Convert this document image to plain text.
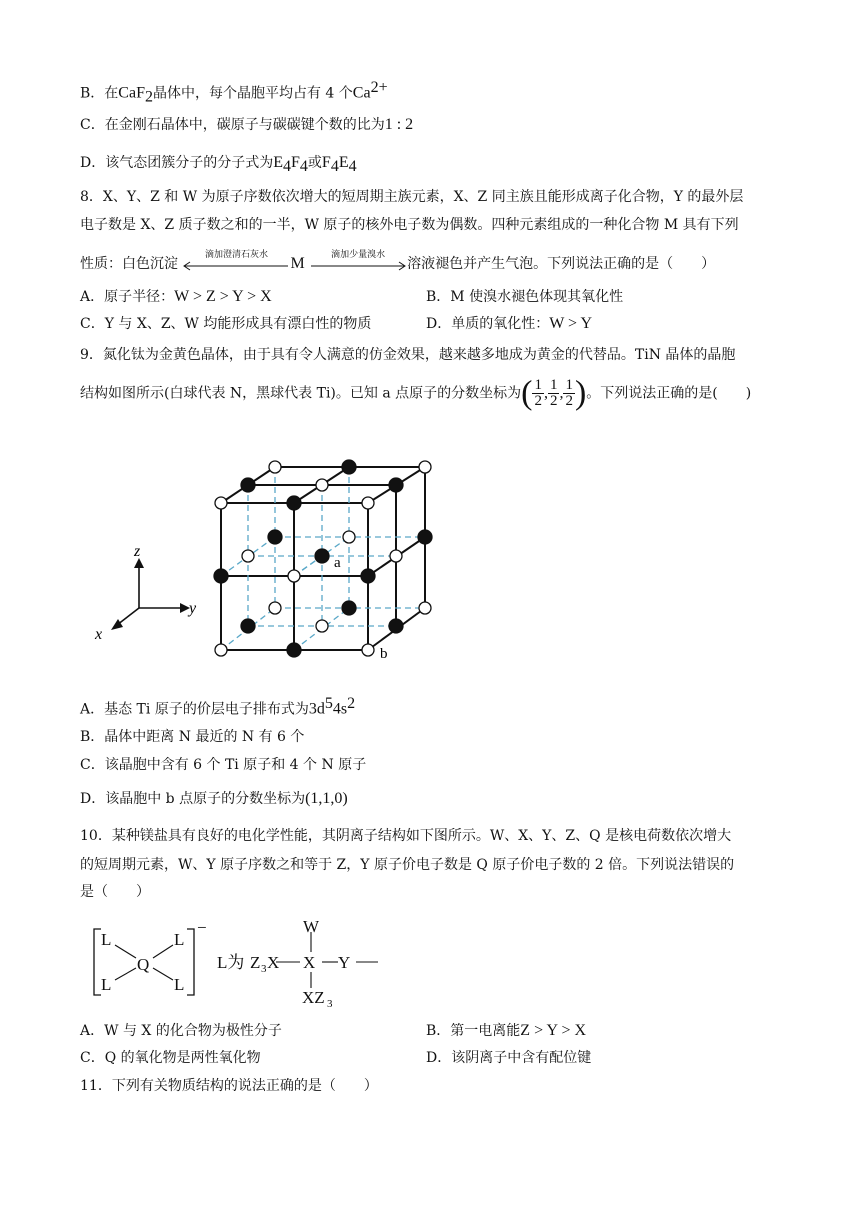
B．在CaF$_2$晶体中，每个晶胞平均占有 4 个$Ca^{2+}$
C．在金刚石晶体中，碳原子与碳碳键个数的比为1 : 2
D．该气态团簇分子的分子式为$E_4F_4$或$F_4E_4$
8．X、Y、Z 和 W 为原子序数依次增大的短周期主族元素，X、Z 同主族且能形成离子化合物，Y 的最外层
电子数是 X、Z 质子数之和的一半，W 原子的核外电子数为偶数。四种元素组成的一种化合物 M 具有下列
性质：白色沉淀
滴加澄清石灰水	M	滴加少量溴水
溶液褪色并产生气泡。下列说法正确的是（　　）
A．原子半径：W > Z > Y > X	B．M 使溴水褪色体现其氧化性
C．Y 与 X、Z、W 均能形成具有漂白性的物质	D．单质的氧化性：W > Y
9．氮化钛为金黄色晶体，由于具有令人满意的仿金效果，越来越多地成为黄金的代替品。TiN 晶体的晶胞
结构如图所示(白球代表 N，黑球代表 Ti)。已知 a 点原子的分数坐标为( $\frac{1}{2}$ , $\frac{1}{2}$ , $\frac{1}{2}$ )。下列说法正确的是(　　)
a
b
z
y
x
A．基态 Ti 原子的价层电子排布式为$3d^54s^2$
B．晶体中距离 N 最近的 N 有 6 个
C．该晶胞中含有 6 个 Ti 原子和 4 个 N 原子
D．该晶胞中 b 点原子的分数坐标为(1,1,0)
10．某种镁盐具有良好的电化学性能，其阴离子结构如下图所示。W、X、Y、Z、Q 是核电荷数依次增大
的短周期元素，W、Y 原子序数之和等于 Z，Y 原子价电子数是 Q 原子价电子数的 2 倍。下列说法错误的
是（　　）
L	L
L	L
Q
−
L为 Z 3 X X Y
W
XZ 3
A．W 与 X 的化合物为极性分子	B．第一电离能Z > Y > X
C．Q 的氧化物是两性氧化物	D．该阴离子中含有配位键
11．下列有关物质结构的说法正确的是（　　）
